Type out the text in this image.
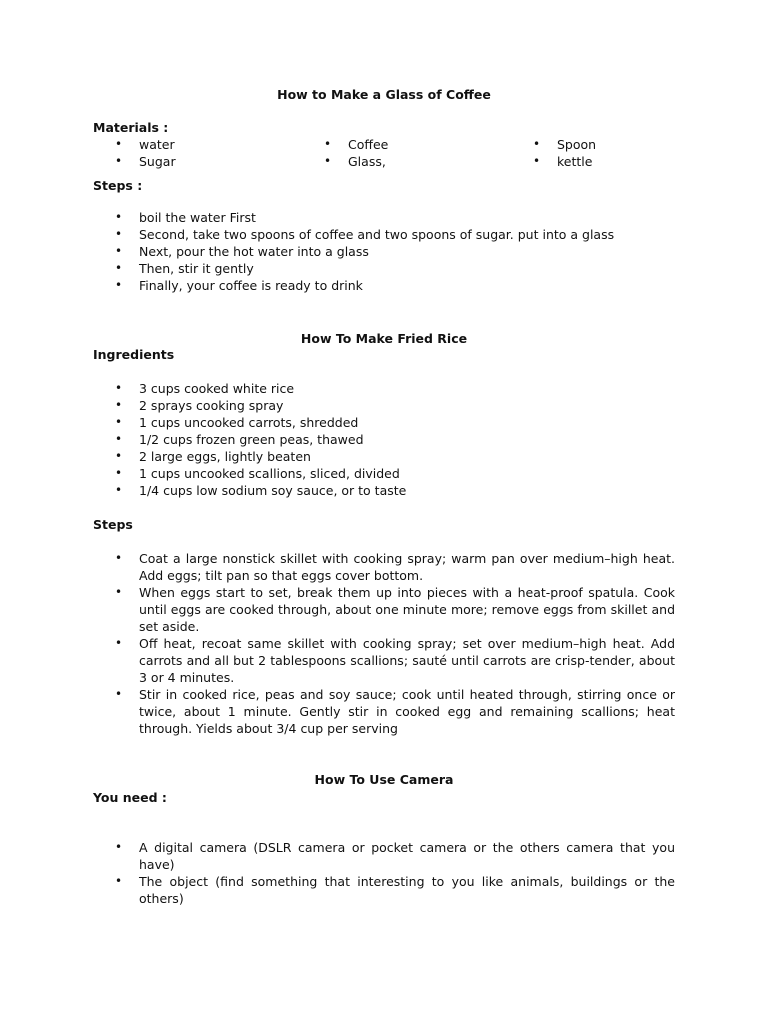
How to Make a Glass of Coffee
Materials :
• water
• Sugar
• Coffee
• Glass,
• Spoon
• kettle
Steps :
• boil the water First
• Second, take two spoons of coffee and two spoons of sugar. put into a glass
• Next, pour the hot water into a glass
• Then, stir it gently
• Finally, your coffee is ready to drink
How To Make Fried Rice
Ingredients
• 3 cups cooked white rice
• 2 sprays cooking spray
• 1 cups uncooked carrots, shredded
• 1/2 cups frozen green peas, thawed
• 2 large eggs, lightly beaten
• 1 cups uncooked scallions, sliced, divided
• 1/4 cups low sodium soy sauce, or to taste
Steps
• Coat a large nonstick skillet with cooking spray; warm pan over medium–high heat. Add eggs; tilt pan so that eggs cover bottom.
• When eggs start to set, break them up into pieces with a heat-proof spatula. Cook until eggs are cooked through, about one minute more; remove eggs from skillet and set aside.
• Off heat, recoat same skillet with cooking spray; set over medium–high heat. Add carrots and all but 2 tablespoons scallions; sauté until carrots are crisp-tender, about 3 or 4 minutes.
• Stir in cooked rice, peas and soy sauce; cook until heated through, stirring once or twice, about 1 minute. Gently stir in cooked egg and remaining scallions; heat through. Yields about 3/4 cup per serving
How To Use Camera
You need :
• A digital camera (DSLR camera or pocket camera or the others camera that you have)
• The object (find something that interesting to you like animals, buildings or the others)
